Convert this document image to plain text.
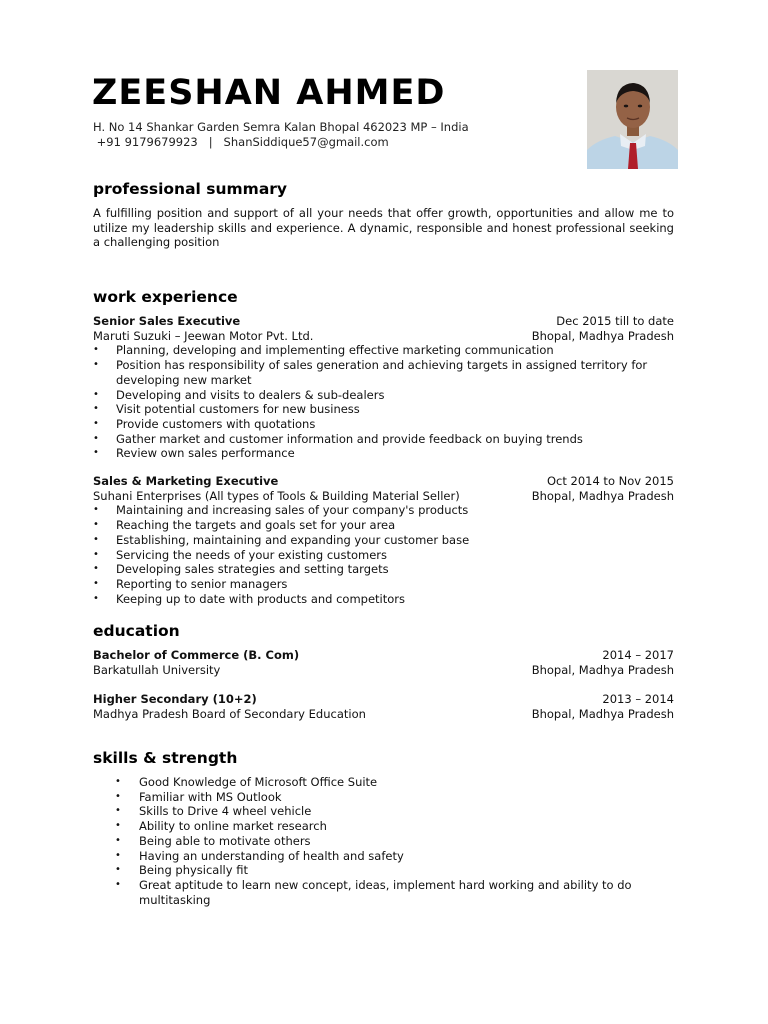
ZEESHAN AHMED
H. No 14 Shankar Garden Semra Kalan Bhopal 462023 MP – India
+91 9179679923   |   ShanSiddique57@gmail.com
professional summary

A fulfilling position and support of all your needs that offer growth, opportunities and allow me to utilize my leadership skills and experience. A dynamic, responsible and honest professional seeking a challenging position

work experience
Senior Sales Executive	Dec 2015 till to date
Maruti Suzuki – Jeewan Motor Pvt. Ltd.	Bhopal, Madhya Pradesh
• Planning, developing and implementing effective marketing communication
• Position has responsibility of sales generation and achieving targets in assigned territory for developing new market
• Developing and visits to dealers & sub-dealers
• Visit potential customers for new business
• Provide customers with quotations
• Gather market and customer information and provide feedback on buying trends
• Review own sales performance
Sales & Marketing Executive	Oct 2014 to Nov 2015
Suhani Enterprises (All types of Tools & Building Material Seller)	Bhopal, Madhya Pradesh
• Maintaining and increasing sales of your company's products
• Reaching the targets and goals set for your area
• Establishing, maintaining and expanding your customer base
• Servicing the needs of your existing customers
• Developing sales strategies and setting targets
• Reporting to senior managers
• Keeping up to date with products and competitors
education
Bachelor of Commerce (B. Com)	2014 – 2017
Barkatullah University	Bhopal, Madhya Pradesh
Higher Secondary (10+2)	2013 – 2014
Madhya Pradesh Board of Secondary Education	Bhopal, Madhya Pradesh
skills & strength
• Good Knowledge of Microsoft Office Suite
• Familiar with MS Outlook
• Skills to Drive 4 wheel vehicle
• Ability to online market research
• Being able to motivate others
• Having an understanding of health and safety
• Being physically fit
• Great aptitude to learn new concept, ideas, implement hard working and ability to do multitasking
